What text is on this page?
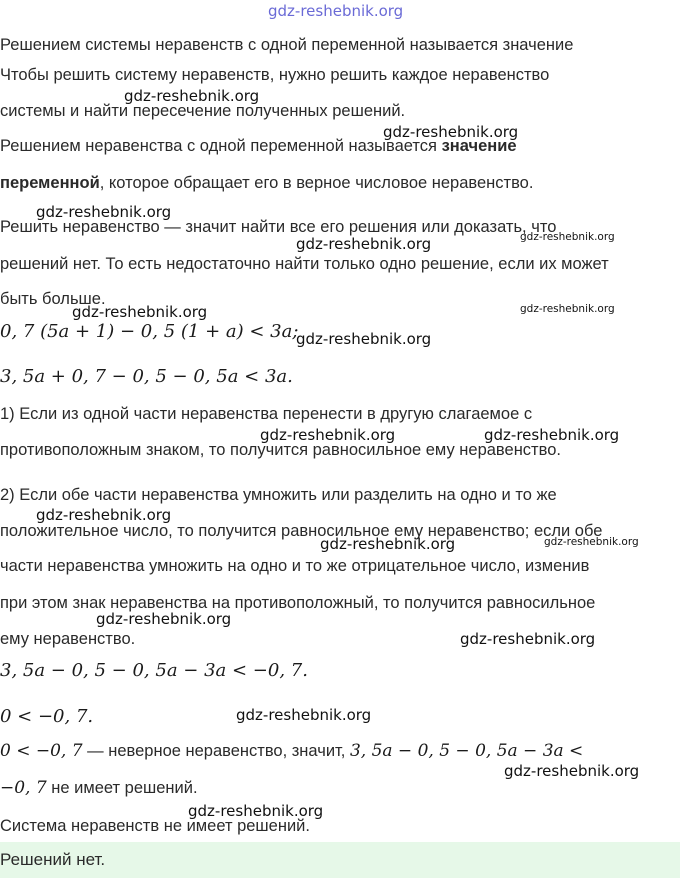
gdz-reshebnik.org
Решением системы неравенств с одной переменной называется значение
Чтобы решить систему неравенств, нужно решить каждое неравенство
системы и найти пересечение полученных решений.
Решением неравенства с одной переменной называется значение
переменной, которое обращает его в верное числовое неравенство.
Решить неравенство — значит найти все его решения или доказать, что
решений нет. То есть недостаточно найти только одно решение, если их может
быть больше.
0, 7 (5a + 1) − 0, 5 (1 + a) < 3a;
3, 5a + 0, 7 − 0, 5 − 0, 5a < 3a.
1) Если из одной части неравенства перенести в другую слагаемое с
противоположным знаком, то получится равносильное ему неравенство.
2) Если обе части неравенства умножить или разделить на одно и то же
положительное число, то получится равносильное ему неравенство; если обе
части неравенства умножить на одно и то же отрицательное число, изменив
при этом знак неравенства на противоположный, то получится равносильное
ему неравенство.
3, 5a − 0, 5 − 0, 5a − 3a < −0, 7.
0 < −0, 7.
0 < −0, 7 — неверное неравенство, значит, 3, 5a − 0, 5 − 0, 5a − 3a <
−0, 7 не имеет решений.
Система неравенств не имеет решений.
Решений нет.
gdz-reshebnik.org
gdz-reshebnik.org
gdz-reshebnik.org
gdz-reshebnik.org	gdz-reshebnik.org
gdz-reshebnik.org	gdz-reshebnik.org
gdz-reshebnik.org
gdz-reshebnik.org	gdz-reshebnik.org
gdz-reshebnik.org
gdz-reshebnik.org	gdz-reshebnik.org
gdz-reshebnik.org
gdz-reshebnik.org
gdz-reshebnik.org
gdz-reshebnik.org
gdz-reshebnik.org
